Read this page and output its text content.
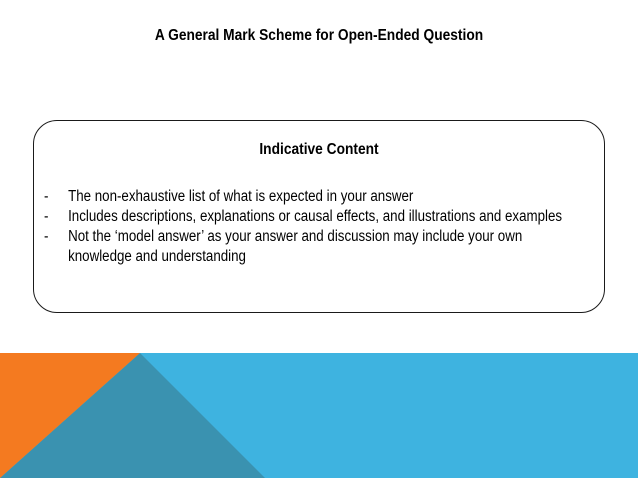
A General Mark Scheme for Open-Ended Question
Indicative Content
- The non-exhaustive list of what is expected in your answer
- Includes descriptions, explanations or causal effects, and illustrations and examples
- Not the ‘model answer’ as your answer and discussion may include your own knowledge and understanding
